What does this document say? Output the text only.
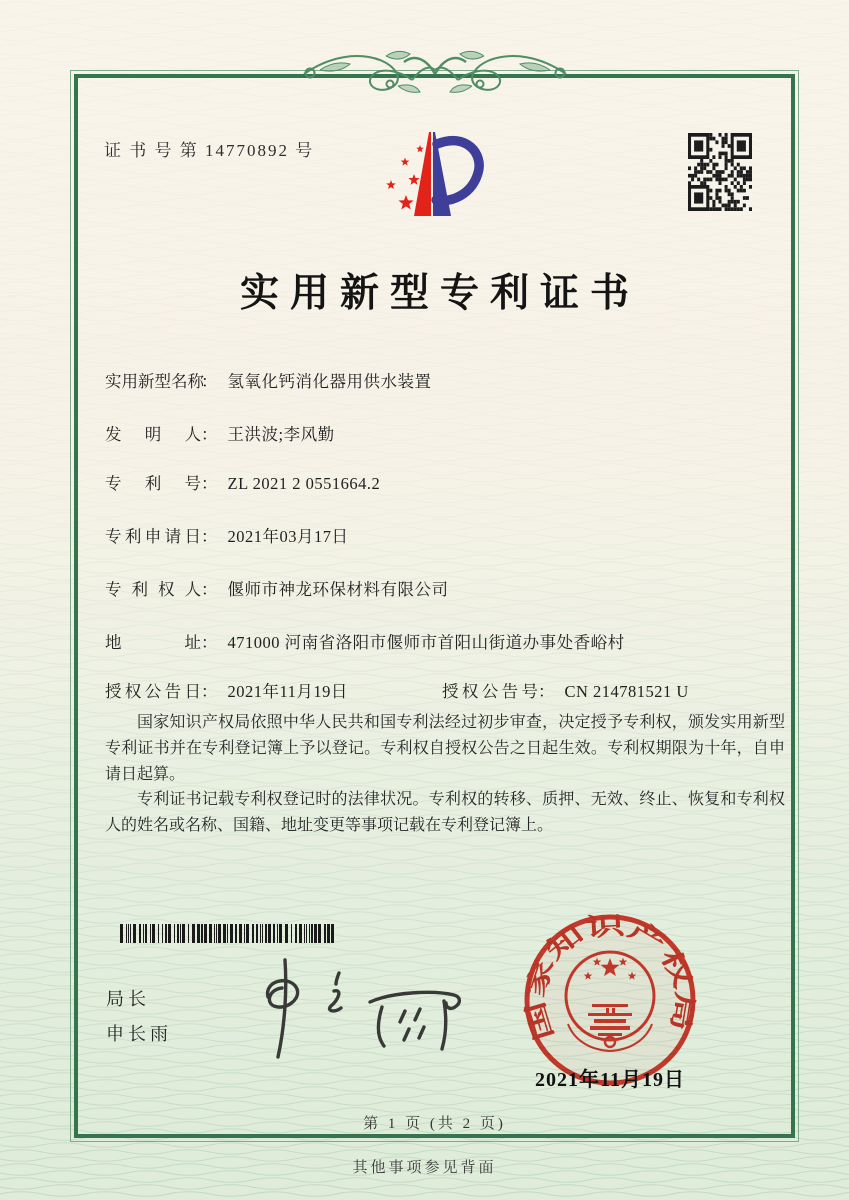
证 书 号 第 14770892 号
实用新型专利证书
实用新型名称： 氢氧化钙消化器用供水装置
发明人： 王洪波;李风勤
专利号： ZL 2021 2 0551664.2
专利申请日： 2021年03月17日
专利权人： 偃师市神龙环保材料有限公司
地址： 471000 河南省洛阳市偃师市首阳山街道办事处香峪村
授权公告日： 2021年11月19日	授权公告号： CN 214781521 U
国家知识产权局依照中华人民共和国专利法经过初步审查，决定授予专利权，颁发实用新型专利证书并在专利登记簿上予以登记。专利权自授权公告之日起生效。专利权期限为十年，自申请日起算。
专利证书记载专利权登记时的法律状况。专利权的转移、质押、无效、终止、恢复和专利权人的姓名或名称、国籍、地址变更等事项记载在专利登记簿上。
局长
申长雨	国家知识产权局
2021年11月19日
第 1 页 (共 2 页)
其他事项参见背面
